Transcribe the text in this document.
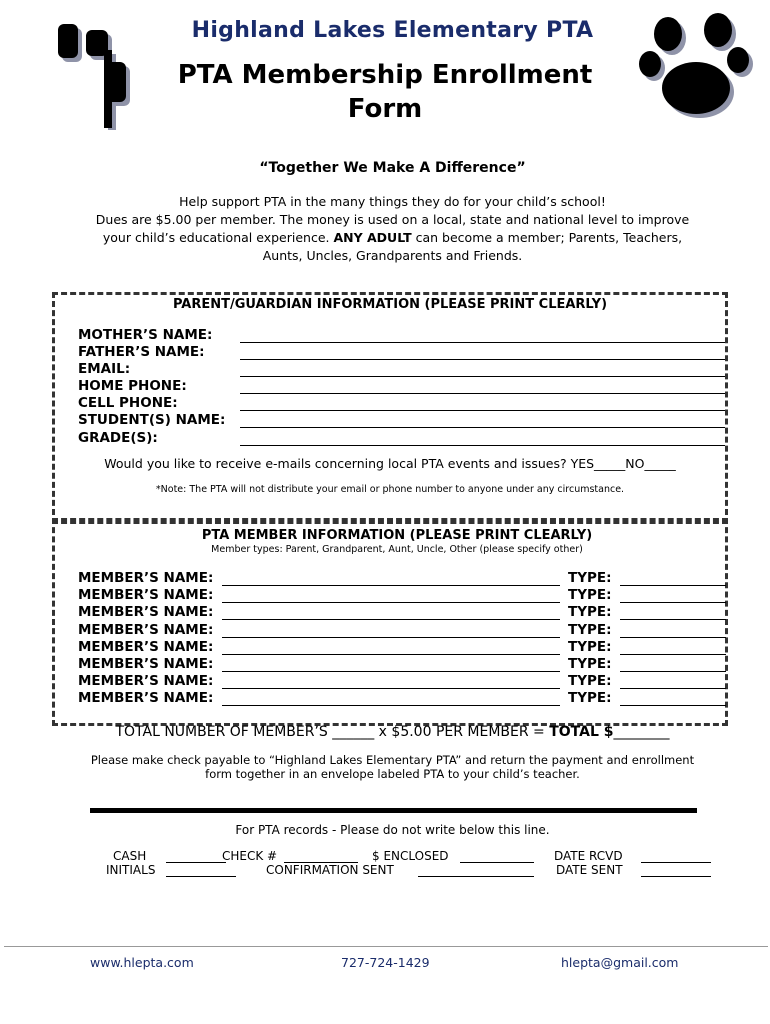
Highland Lakes Elementary PTA
PTA Membership Enrollment
Form
“Together We Make A Difference”
Help support PTA in the many things they do for your child’s school!
Dues are $5.00 per member. The money is used on a local, state and national level to improve
your child’s educational experience. ANY ADULT can become a member; Parents, Teachers,
Aunts, Uncles, Grandparents and Friends.
PARENT/GUARDIAN INFORMATION (PLEASE PRINT CLEARLY)
MOTHER’S NAME:
FATHER’S NAME:
EMAIL:
HOME PHONE:
CELL PHONE:
STUDENT(S) NAME:
GRADE(S):
Would you like to receive e-mails concerning local PTA events and issues? YES_____NO_____
*Note: The PTA will not distribute your email or phone number to anyone under any circumstance.
PTA MEMBER INFORMATION (PLEASE PRINT CLEARLY)
Member types: Parent, Grandparent, Aunt, Uncle, Other (please specify other)
MEMBER’S NAME:	TYPE:
MEMBER’S NAME:	TYPE:
MEMBER’S NAME:	TYPE:
MEMBER’S NAME:	TYPE:
MEMBER’S NAME:	TYPE:
MEMBER’S NAME:	TYPE:
MEMBER’S NAME:	TYPE:
MEMBER’S NAME:	TYPE:
TOTAL NUMBER OF MEMBER’S ______ x $5.00 PER MEMBER = TOTAL $________
Please make check payable to “Highland Lakes Elementary PTA” and return the payment and enrollment
form together in an envelope labeled PTA to your child’s teacher.
For PTA records - Please do not write below this line.
CASH	CHECK #	$ ENCLOSED	DATE RCVD
INITIALS	CONFIRMATION SENT	DATE SENT
www.hlepta.com	727-724-1429	hlepta@gmail.com
